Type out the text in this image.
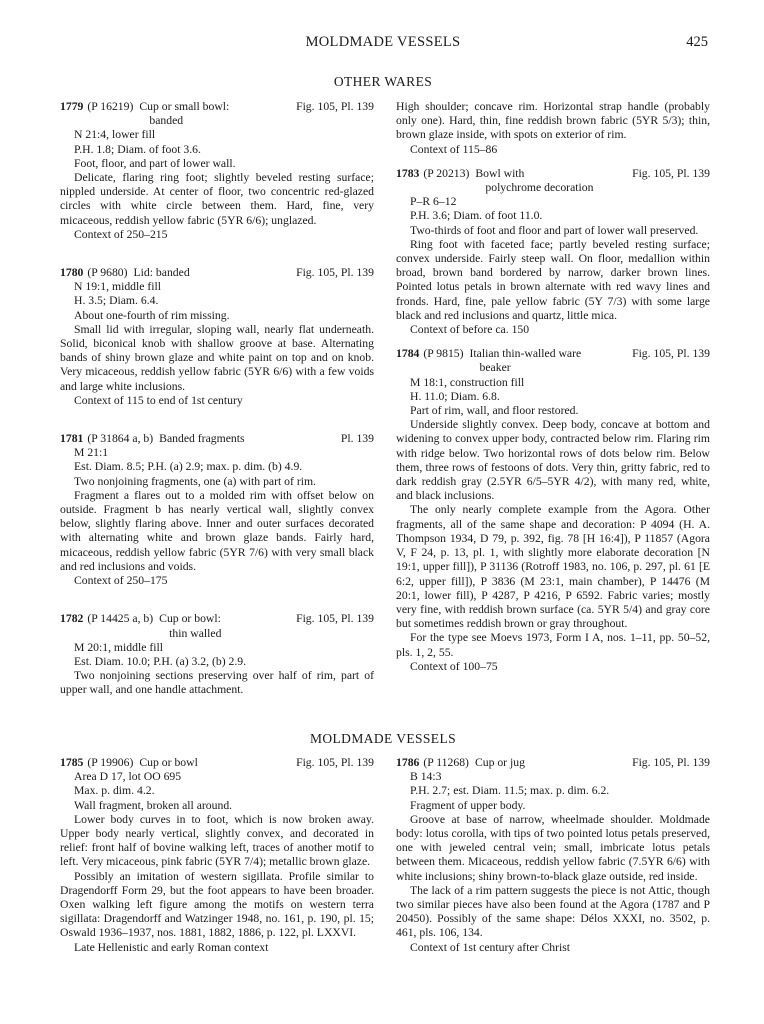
MOLDMADE VESSELS	425
OTHER WARES
1779 (P 16219) Cup or small bowl:
banded
Fig. 105, Pl. 139
N 21:4, lower fill
P.H. 1.8; Diam. of foot 3.6.
Foot, floor, and part of lower wall.
Delicate, flaring ring foot; slightly beveled resting surface; nippled underside. At center of floor, two concentric red-glazed circles with white circle between them. Hard, fine, very micaceous, reddish yellow fabric (5YR 6/6); unglazed.
Context of 250–215
1780 (P 9680) Lid: banded	Fig. 105, Pl. 139
N 19:1, middle fill
H. 3.5; Diam. 6.4.
About one-fourth of rim missing.
Small lid with irregular, sloping wall, nearly flat underneath. Solid, biconical knob with shallow groove at base. Alternating bands of shiny brown glaze and white paint on top and on knob. Very micaceous, reddish yellow fabric (5YR 6/6) with a few voids and large white inclusions.
Context of 115 to end of 1st century
1781 (P 31864 a, b) Banded fragments	Pl. 139
M 21:1
Est. Diam. 8.5; P.H. (a) 2.9; max. p. dim. (b) 4.9.
Two nonjoining fragments, one (a) with part of rim.
Fragment a flares out to a molded rim with offset below on outside. Fragment b has nearly vertical wall, slightly convex below, slightly flaring above. Inner and outer surfaces decorated with alternating white and brown glaze bands. Fairly hard, micaceous, reddish yellow fabric (5YR 7/6) with very small black and red inclusions and voids.
Context of 250–175
1782 (P 14425 a, b) Cup or bowl:
thin walled
Fig. 105, Pl. 139
M 20:1, middle fill
Est. Diam. 10.0; P.H. (a) 3.2, (b) 2.9.
Two nonjoining sections preserving over half of rim, part of upper wall, and one handle attachment.
High shoulder; concave rim. Horizontal strap handle (probably only one). Hard, thin, fine reddish brown fabric (5YR 5/3); thin, brown glaze inside, with spots on exterior of rim.
Context of 115–86
1783 (P 20213) Bowl with
polychrome decoration
Fig. 105, Pl. 139
P–R 6–12
P.H. 3.6; Diam. of foot 11.0.
Two-thirds of foot and floor and part of lower wall preserved.
Ring foot with faceted face; partly beveled resting surface; convex underside. Fairly steep wall. On floor, medallion within broad, brown band bordered by narrow, darker brown lines. Pointed lotus petals in brown alternate with red wavy lines and fronds. Hard, fine, pale yellow fabric (5Y 7/3) with some large black and red inclusions and quartz, little mica.
Context of before ca. 150
1784 (P 9815) Italian thin-walled ware
beaker
Fig. 105, Pl. 139
M 18:1, construction fill
H. 11.0; Diam. 6.8.
Part of rim, wall, and floor restored.
Underside slightly convex. Deep body, concave at bottom and widening to convex upper body, contracted below rim. Flaring rim with ridge below. Two horizontal rows of dots below rim. Below them, three rows of festoons of dots. Very thin, gritty fabric, red to dark reddish gray (2.5YR 6/5–5YR 4/2), with many red, white, and black inclusions.
The only nearly complete example from the Agora. Other fragments, all of the same shape and decoration: P 4094 (H. A. Thompson 1934, D 79, p. 392, fig. 78 [H 16:4]), P 11857 (Agora V, F 24, p. 13, pl. 1, with slightly more elaborate decoration [N 19:1, upper fill]), P 31136 (Rotroff 1983, no. 106, p. 297, pl. 61 [E 6:2, upper fill]), P 3836 (M 23:1, main chamber), P 14476 (M 20:1, lower fill), P 4287, P 4216, P 6592. Fabric varies; mostly very fine, with reddish brown surface (ca. 5YR 5/4) and gray core but sometimes reddish brown or gray throughout.
For the type see Moevs 1973, Form I A, nos. 1–11, pp. 50–52, pls. 1, 2, 55.
Context of 100–75
MOLDMADE VESSELS
1785 (P 19906) Cup or bowl	Fig. 105, Pl. 139
Area D 17, lot OO 695
Max. p. dim. 4.2.
Wall fragment, broken all around.
Lower body curves in to foot, which is now broken away. Upper body nearly vertical, slightly convex, and decorated in relief: front half of bovine walking left, traces of another motif to left. Very micaceous, pink fabric (5YR 7/4); metallic brown glaze.
Possibly an imitation of western sigillata. Profile similar to Dragendorff Form 29, but the foot appears to have been broader. Oxen walking left figure among the motifs on western terra sigillata: Dragendorff and Watzinger 1948, no. 161, p. 190, pl. 15; Oswald 1936–1937, nos. 1881, 1882, 1886, p. 122, pl. LXXVI.
Late Hellenistic and early Roman context
1786 (P 11268) Cup or jug	Fig. 105, Pl. 139
B 14:3
P.H. 2.7; est. Diam. 11.5; max. p. dim. 6.2.
Fragment of upper body.
Groove at base of narrow, wheelmade shoulder. Moldmade body: lotus corolla, with tips of two pointed lotus petals preserved, one with jeweled central vein; small, imbricate lotus petals between them. Micaceous, reddish yellow fabric (7.5YR 6/6) with white inclusions; shiny brown-to-black glaze outside, red inside.
The lack of a rim pattern suggests the piece is not Attic, though two similar pieces have also been found at the Agora (1787 and P 20450). Possibly of the same shape: Délos XXXI, no. 3502, p. 461, pls. 106, 134.
Context of 1st century after Christ
